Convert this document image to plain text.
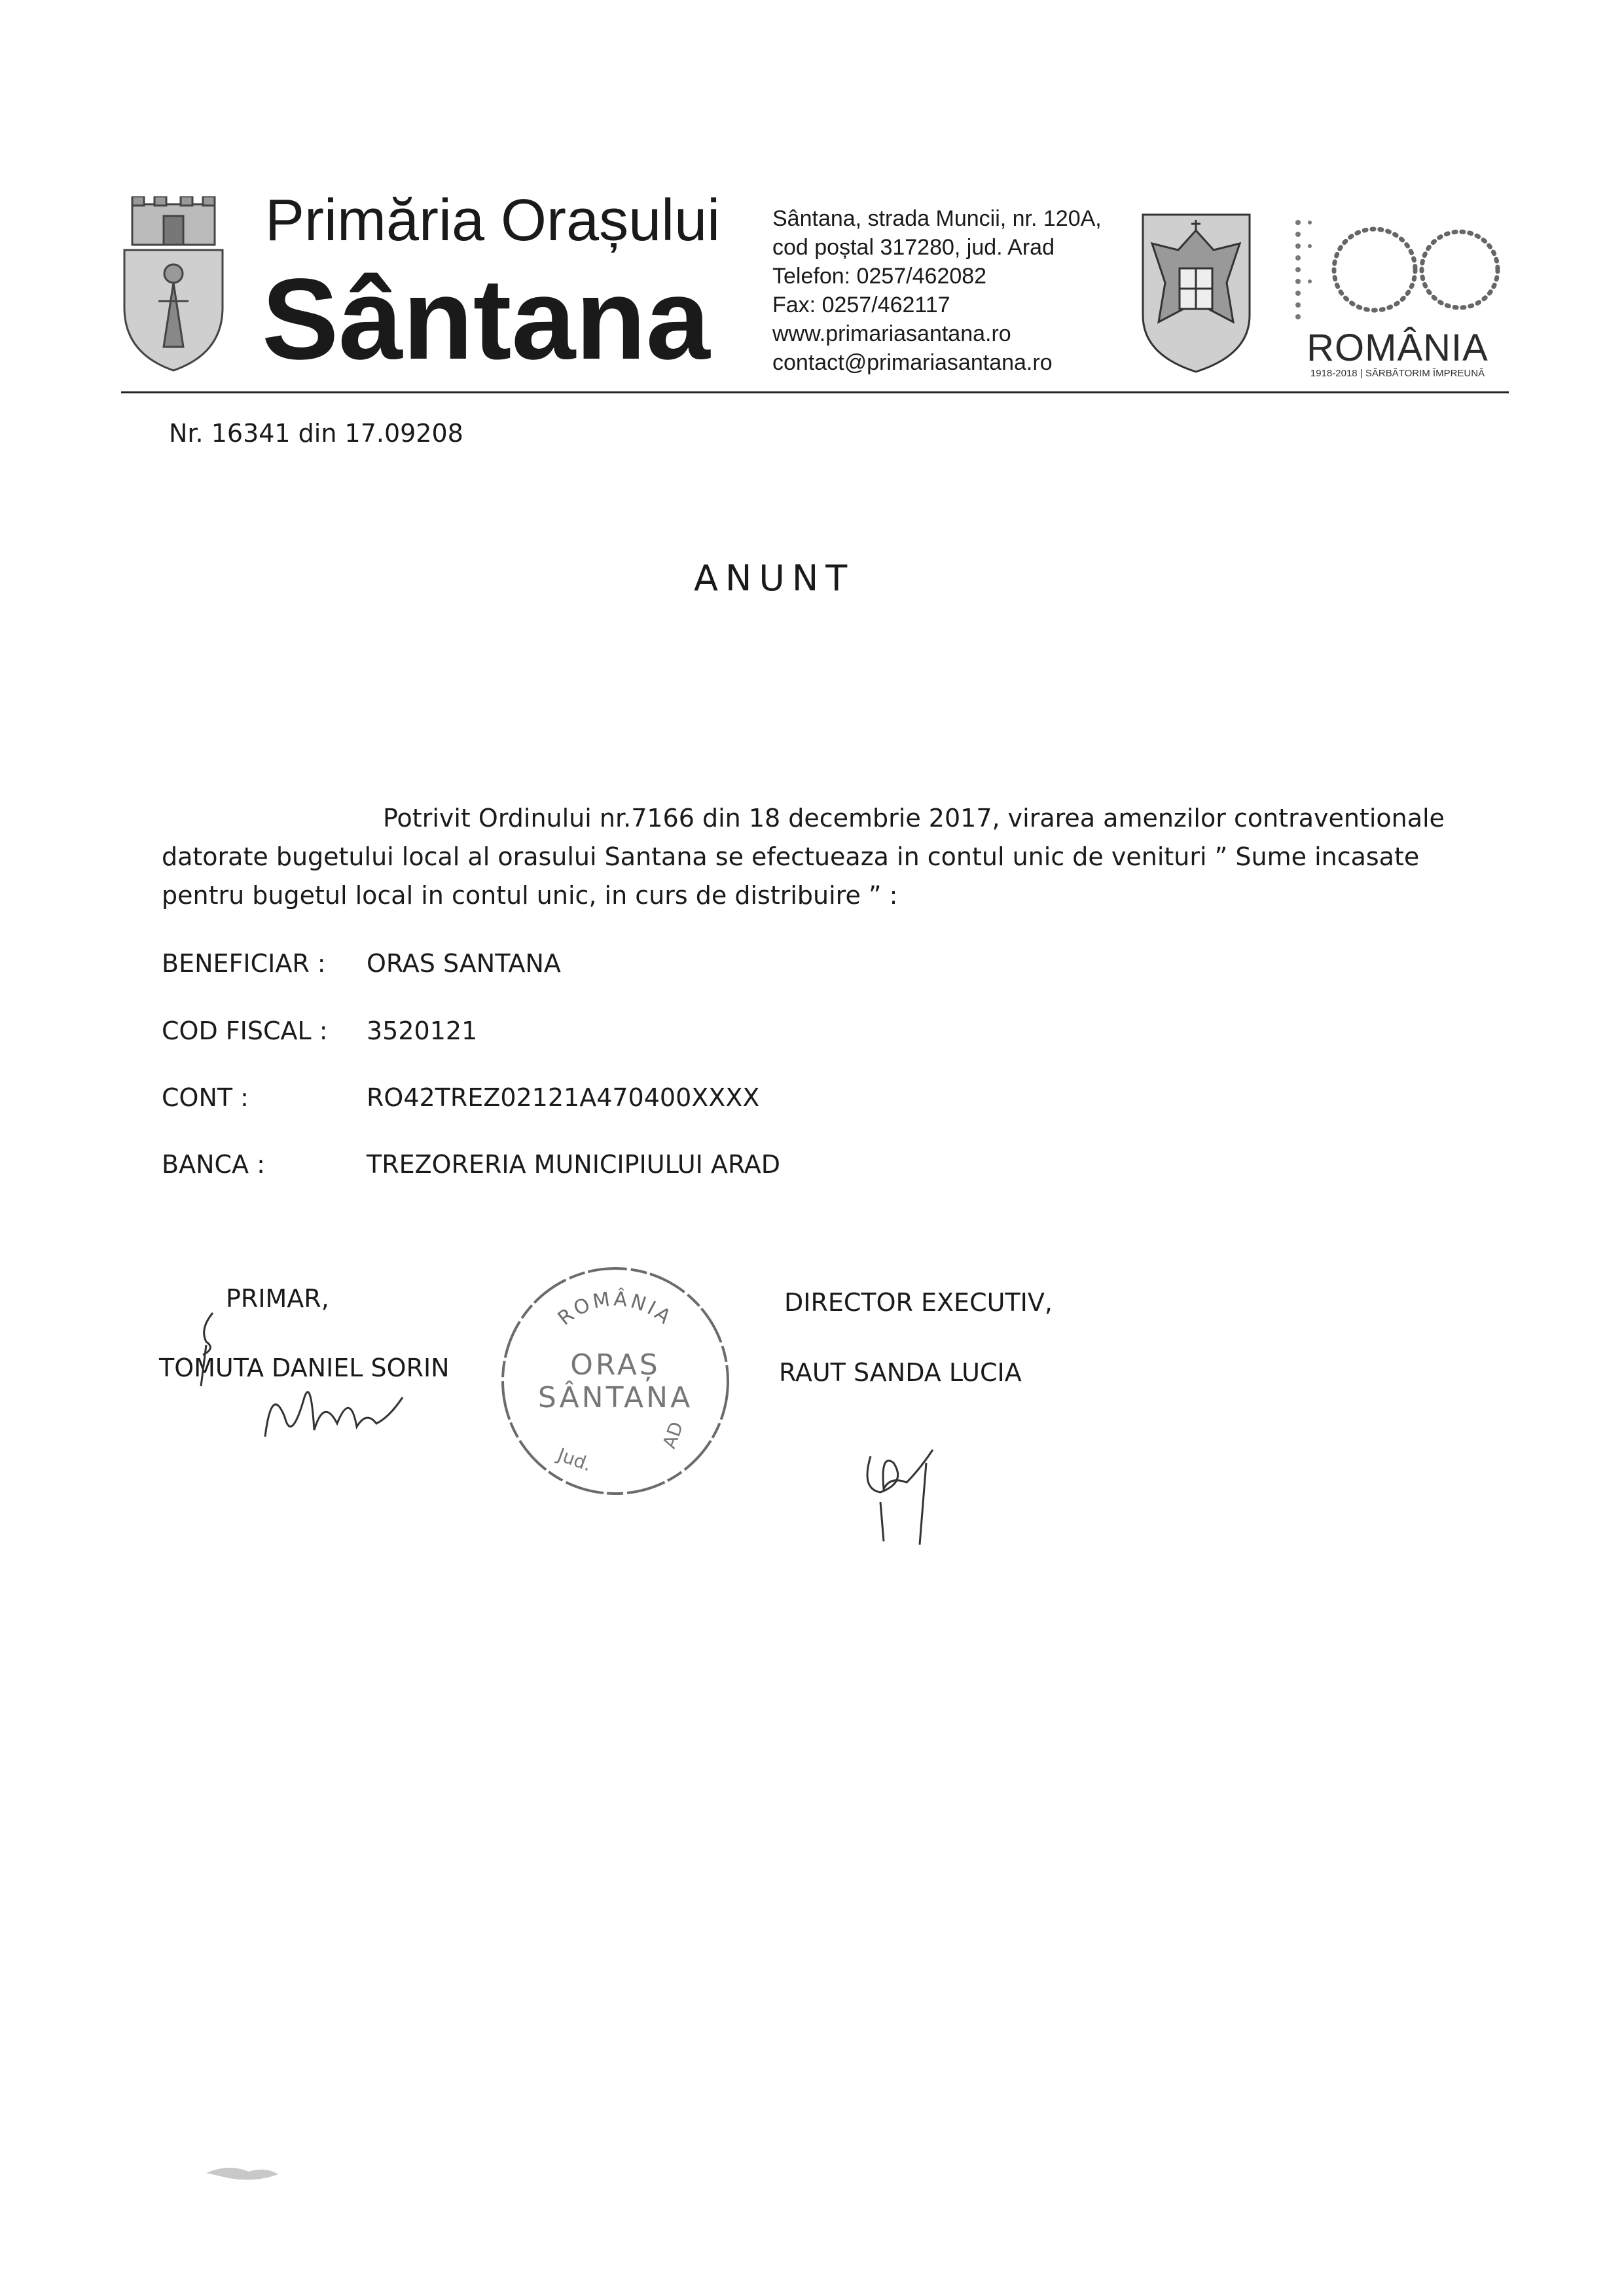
Primăria Orașului
Sântana
Sântana, strada Muncii, nr. 120A,
cod poștal 317280, jud. Arad
Telefon: 0257/462082
Fax: 0257/462117
www.primariasantana.ro
contact@primariasantana.ro	ROMÂNIA
1918-2018 | SĂRBĂTORIM ÎMPREUNĂ
Nr. 16341 din 17.09208
ANUNT
Potrivit Ordinului nr.7166 din 18 decembrie 2017, virarea amenzilor contraventionale
datorate bugetului local al orasului Santana se efectueaza in contul unic de venituri ” Sume incasate
pentru bugetul local in contul unic, in curs de distribuire ” :
BENEFICIAR : ORAS SANTANA
COD FISCAL : 3520121
CONT :	RO42TREZ02121A470400XXXX
BANCA :	TREZORERIA MUNICIPIULUI ARAD
PRIMAR,
TOMUTA DANIEL SORIN
DIRECTOR EXECUTIV,
RAUT SANDA LUCIA
ROMÂNIA
ORAȘ
SÂNTANA
Jud.
AD
